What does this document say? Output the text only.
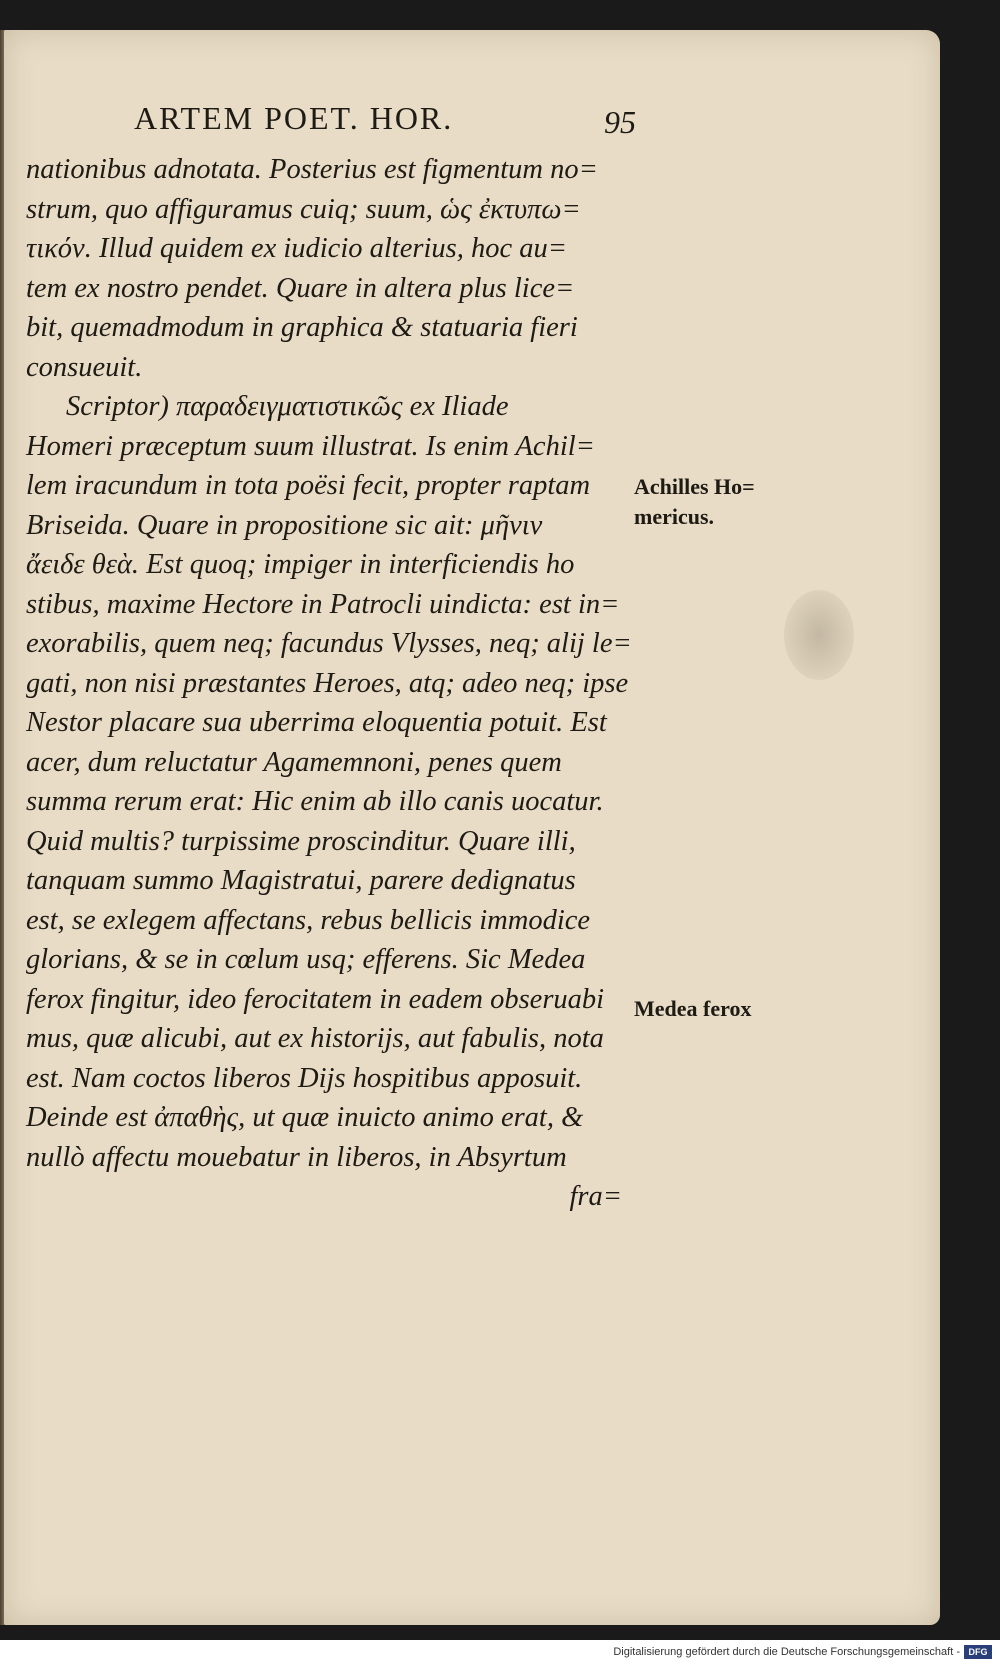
ARTEM POET. HOR.	95
nationibus adnotata. Posterius est figmentum no=
strum, quo affiguramus cuiq; suum, ὡς ἐκτυπω=
τικόν. Illud quidem ex iudicio alterius, hoc au=
tem ex nostro pendet. Quare in altera plus lice=
bit, quemadmodum in graphica & statuaria fieri
consueuit.
Scriptor) παραδειγματιστικῶς ex Iliade
Homeri præceptum suum illustrat. Is enim Achil=
lem iracundum in tota poësi fecit, propter raptam
Briseida. Quare in propositione sic ait: μῆνιν
ἄειδε θεὰ. Est quoq; impiger in interficiendis ho
stibus, maxime Hectore in Patrocli uindicta: est in=
exorabilis, quem neq; facundus Vlysses, neq; alij le=
gati, non nisi præstantes Heroes, atq; adeo neq; ipse
Nestor placare sua uberrima eloquentia potuit. Est
acer, dum reluctatur Agamemnoni, penes quem
summa rerum erat: Hic enim ab illo canis uocatur.
Quid multis? turpissime proscinditur. Quare illi,
tanquam summo Magistratui, parere dedignatus
est, se exlegem affectans, rebus bellicis immodice
glorians, & se in cœlum usq; efferens. Sic Medea
ferox fingitur, ideo ferocitatem in eadem obseruabi
mus, quæ alicubi, aut ex historijs, aut fabulis, nota
est. Nam coctos liberos Dijs hospitibus apposuit.
Deinde est ἀπαθὴς, ut quæ inuicto animo erat, &
nullò affectu mouebatur in liberos, in Absyrtum
fra=
Achilles Ho=
mericus.
Medea ferox
Digitalisierung gefördert durch die Deutsche Forschungsgemeinschaft - DFG
